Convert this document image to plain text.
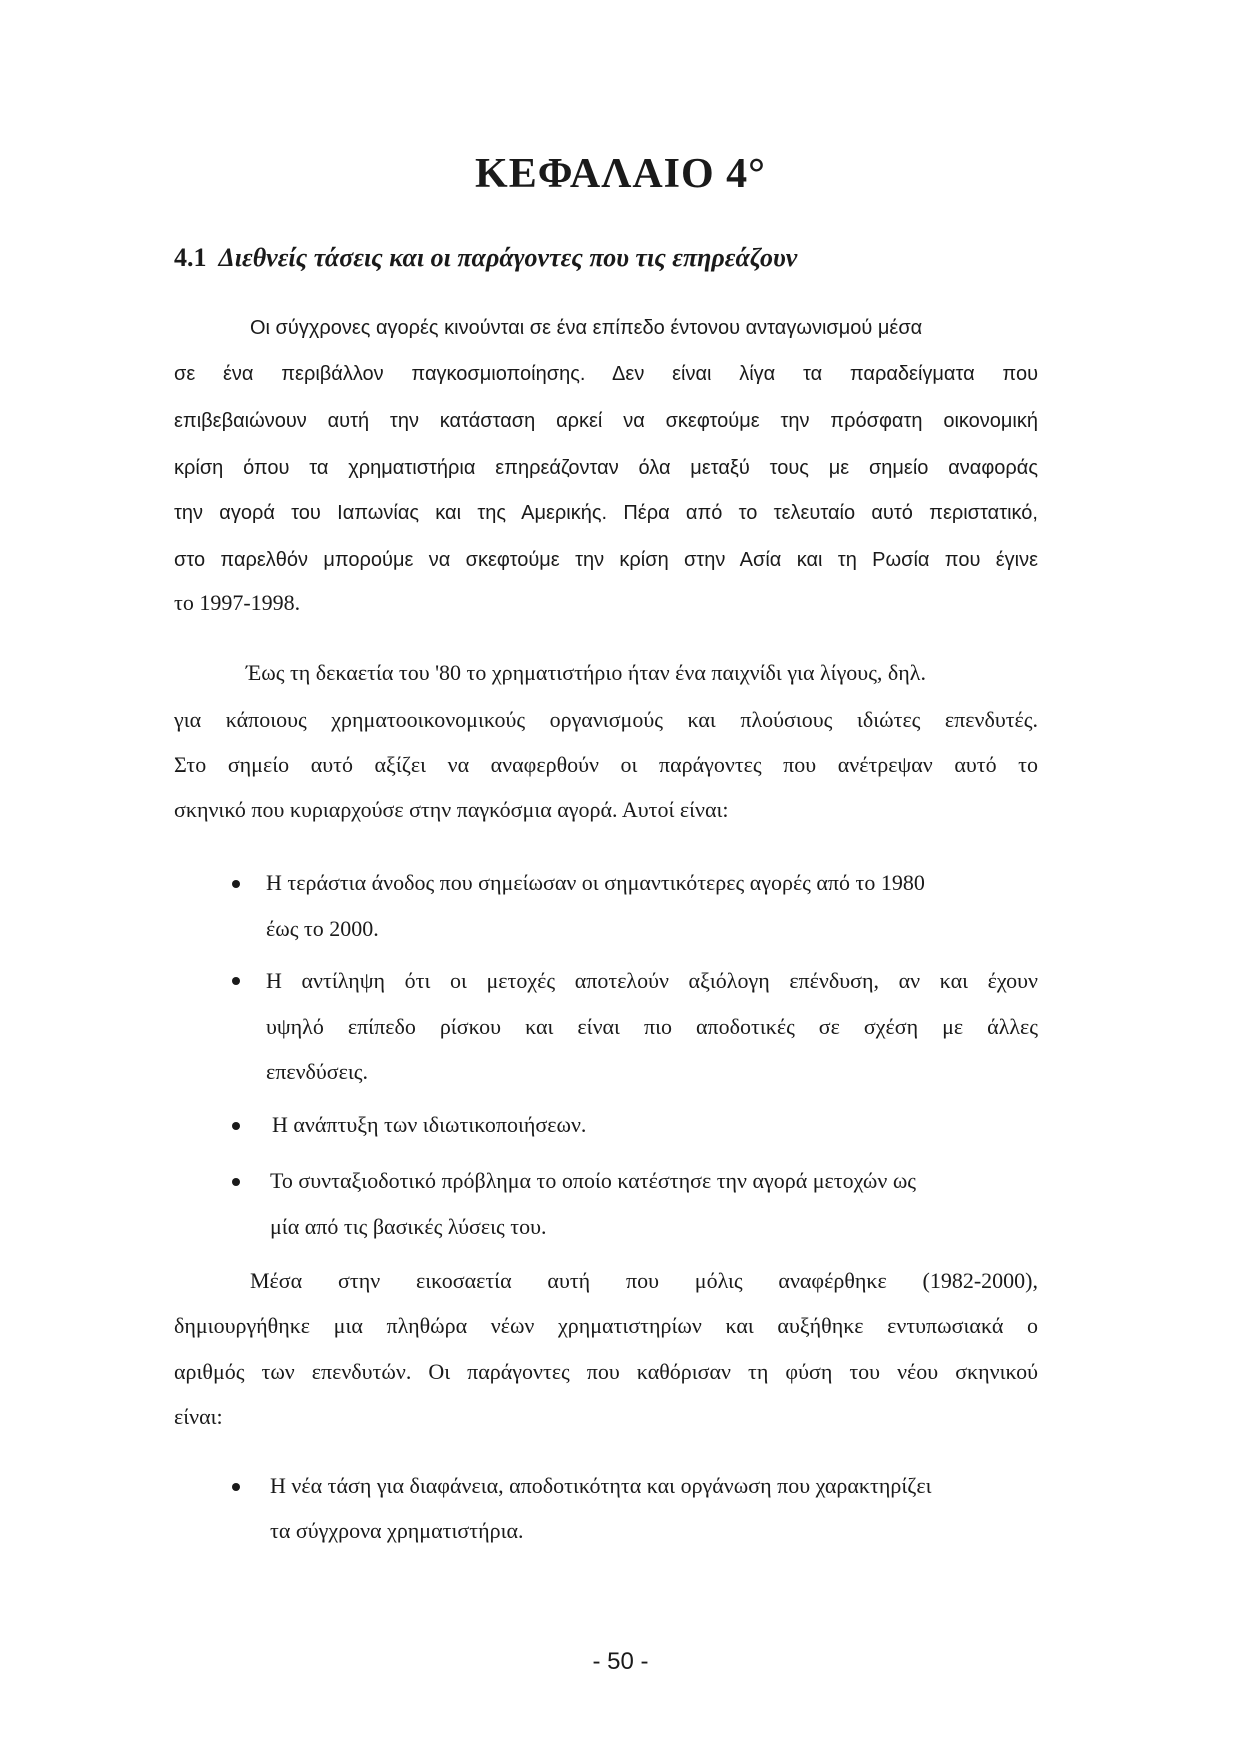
ΚΕΦΑΛΑΙΟ 4°
4.1 Διεθνείς τάσεις και οι παράγοντες που τις επηρεάζουν
Οι σύγχρονες αγορές κινούνται σε ένα επίπεδο έντονου ανταγωνισμού μέσα
σε ένα περιβάλλον παγκοσμιοποίησης. Δεν είναι λίγα τα παραδείγματα που
επιβεβαιώνουν αυτή την κατάσταση αρκεί να σκεφτούμε την πρόσφατη οικονομική
κρίση όπου τα χρηματιστήρια επηρεάζονταν όλα μεταξύ τους με σημείο αναφοράς
την αγορά του Ιαπωνίας και της Αμερικής. Πέρα από το τελευταίο αυτό περιστατικό,
στο παρελθόν μπορούμε να σκεφτούμε την κρίση στην Ασία και τη Ρωσία που έγινε
το 1997-1998.
Έως τη δεκαετία του '80 το χρηματιστήριο ήταν ένα παιχνίδι για λίγους, δηλ.
για κάποιους χρηματοοικονομικούς οργανισμούς και πλούσιους ιδιώτες επενδυτές.
Στο σημείο αυτό αξίζει να αναφερθούν οι παράγοντες που ανέτρεψαν αυτό το
σκηνικό που κυριαρχούσε στην παγκόσμια αγορά. Αυτοί είναι:
Η τεράστια άνοδος που σημείωσαν οι σημαντικότερες αγορές από το 1980
έως το 2000.
Η αντίληψη ότι οι μετοχές αποτελούν αξιόλογη επένδυση, αν και έχουν
υψηλό επίπεδο ρίσκου και είναι πιο αποδοτικές σε σχέση με άλλες
επενδύσεις.
Η ανάπτυξη των ιδιωτικοποιήσεων.
Το συνταξιοδοτικό πρόβλημα το οποίο κατέστησε την αγορά μετοχών ως
μία από τις βασικές λύσεις του.
Μέσα στην εικοσαετία αυτή που μόλις αναφέρθηκε (1982-2000),
δημιουργήθηκε μια πληθώρα νέων χρηματιστηρίων και αυξήθηκε εντυπωσιακά ο
αριθμός των επενδυτών. Οι παράγοντες που καθόρισαν τη φύση του νέου σκηνικού
είναι:
Η νέα τάση για διαφάνεια, αποδοτικότητα και οργάνωση που χαρακτηρίζει
τα σύγχρονα χρηματιστήρια.
- 50 -
